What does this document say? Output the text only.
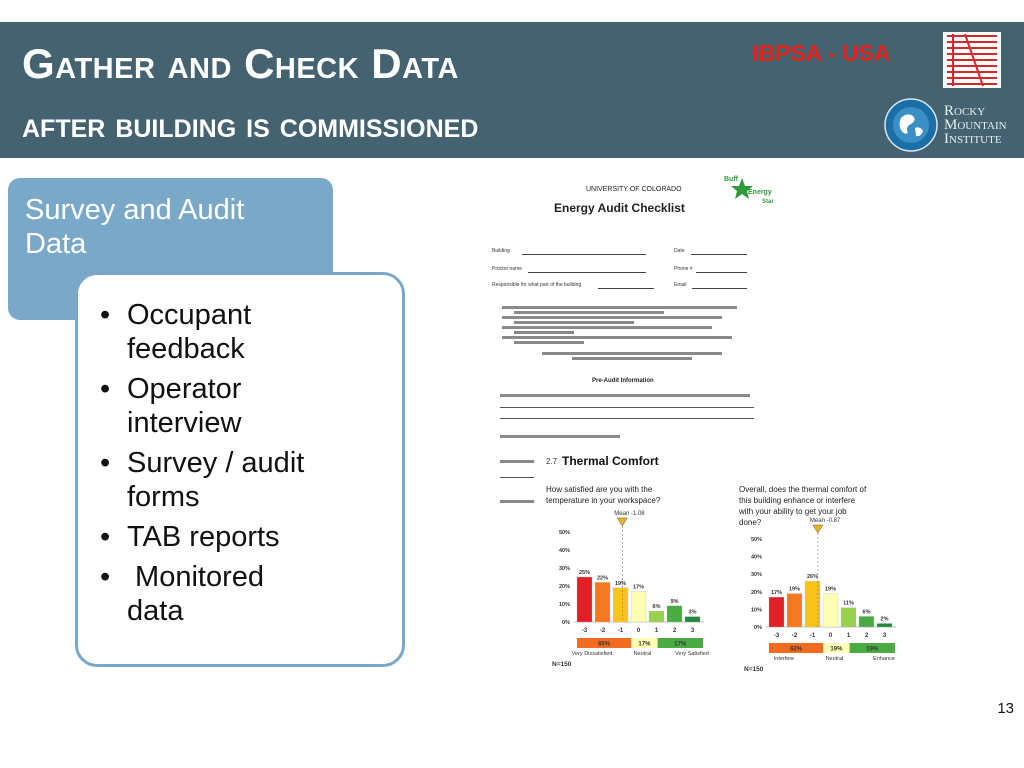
Gather and Check Data
after building is commissioned
IBPSA - USA
Rocky
Mountain
Institute
Survey and Audit
Data
• Occupant
feedback
• Operator
interview
• Survey / audit
forms
• TAB reports
• Monitored
data
UNIVERSITY OF COLORADO
Energy Audit Checklist
Buff
Energy
Star
Building	Date
Proctor name	Phone #
Responsible for what part of the building	Email
Pre-Audit Information
2.7 Thermal Comfort
How satisfied are you with the
temperature in your workspace?
0%
10%
20%
30%
40%
50%
25%
-3
22%
-2
19%
-1
17%
0
6%
1
9%
2
3%
3
Mean -1.08
65%	17%	17%
Very Dissatisfied	Neutral	Very Satisfied
N=150
Overall, does the thermal comfort of
this building enhance or interfere
with your ability to get your job
done?
0%
10%
20%
30%
40%
50%
17%
-3
19%
-2
26%
-1
19%
0
11%
1
6%
2
2%
3
Mean -0.87
62%	19%	19%
Interfere	Neutral	Enhance
N=150
13
